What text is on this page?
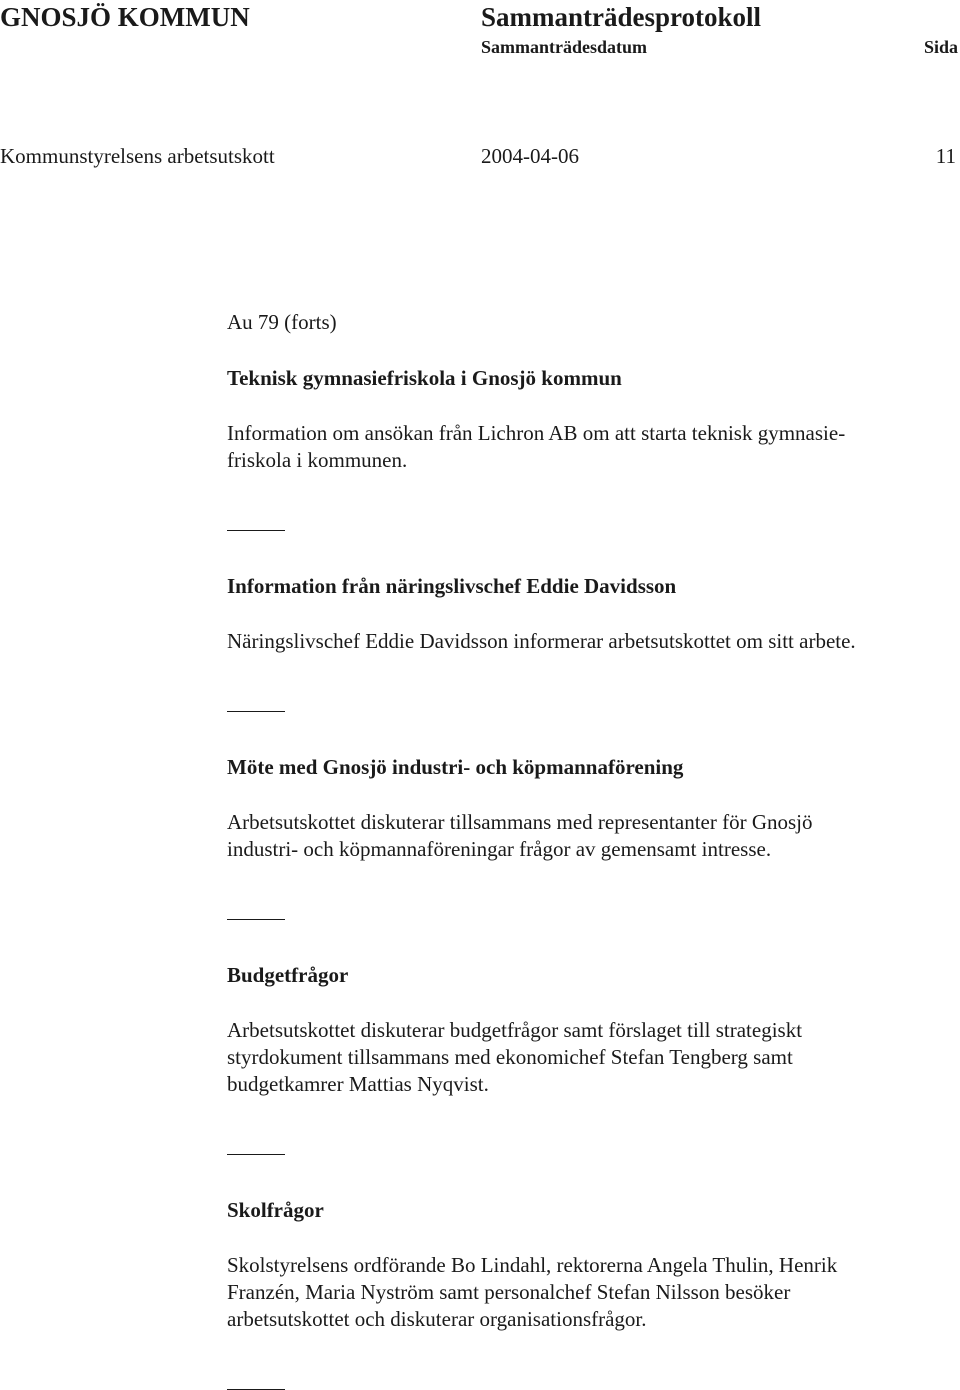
GNOSJÖ KOMMUN	Sammanträdesprotokoll
Sammanträdesdatum	Sida
Kommunstyrelsens arbetsutskott	2004-04-06	11
Au 79 (forts)
Teknisk gymnasiefriskola i Gnosjö kommun
Information om ansökan från Lichron AB om att starta teknisk gymnasie-
friskola i kommunen.
Information från näringslivschef Eddie Davidsson
Näringslivschef Eddie Davidsson informerar arbetsutskottet om sitt arbete.
Möte med Gnosjö industri- och köpmannaförening
Arbetsutskottet diskuterar tillsammans med representanter för Gnosjö
industri- och köpmannaföreningar frågor av gemensamt intresse.
Budgetfrågor
Arbetsutskottet diskuterar budgetfrågor samt förslaget till strategiskt
styrdokument tillsammans med ekonomichef Stefan Tengberg samt
budgetkamrer Mattias Nyqvist.
Skolfrågor
Skolstyrelsens ordförande Bo Lindahl, rektorerna Angela Thulin, Henrik
Franzén, Maria Nyström samt personalchef Stefan Nilsson besöker
arbetsutskottet och diskuterar organisationsfrågor.
